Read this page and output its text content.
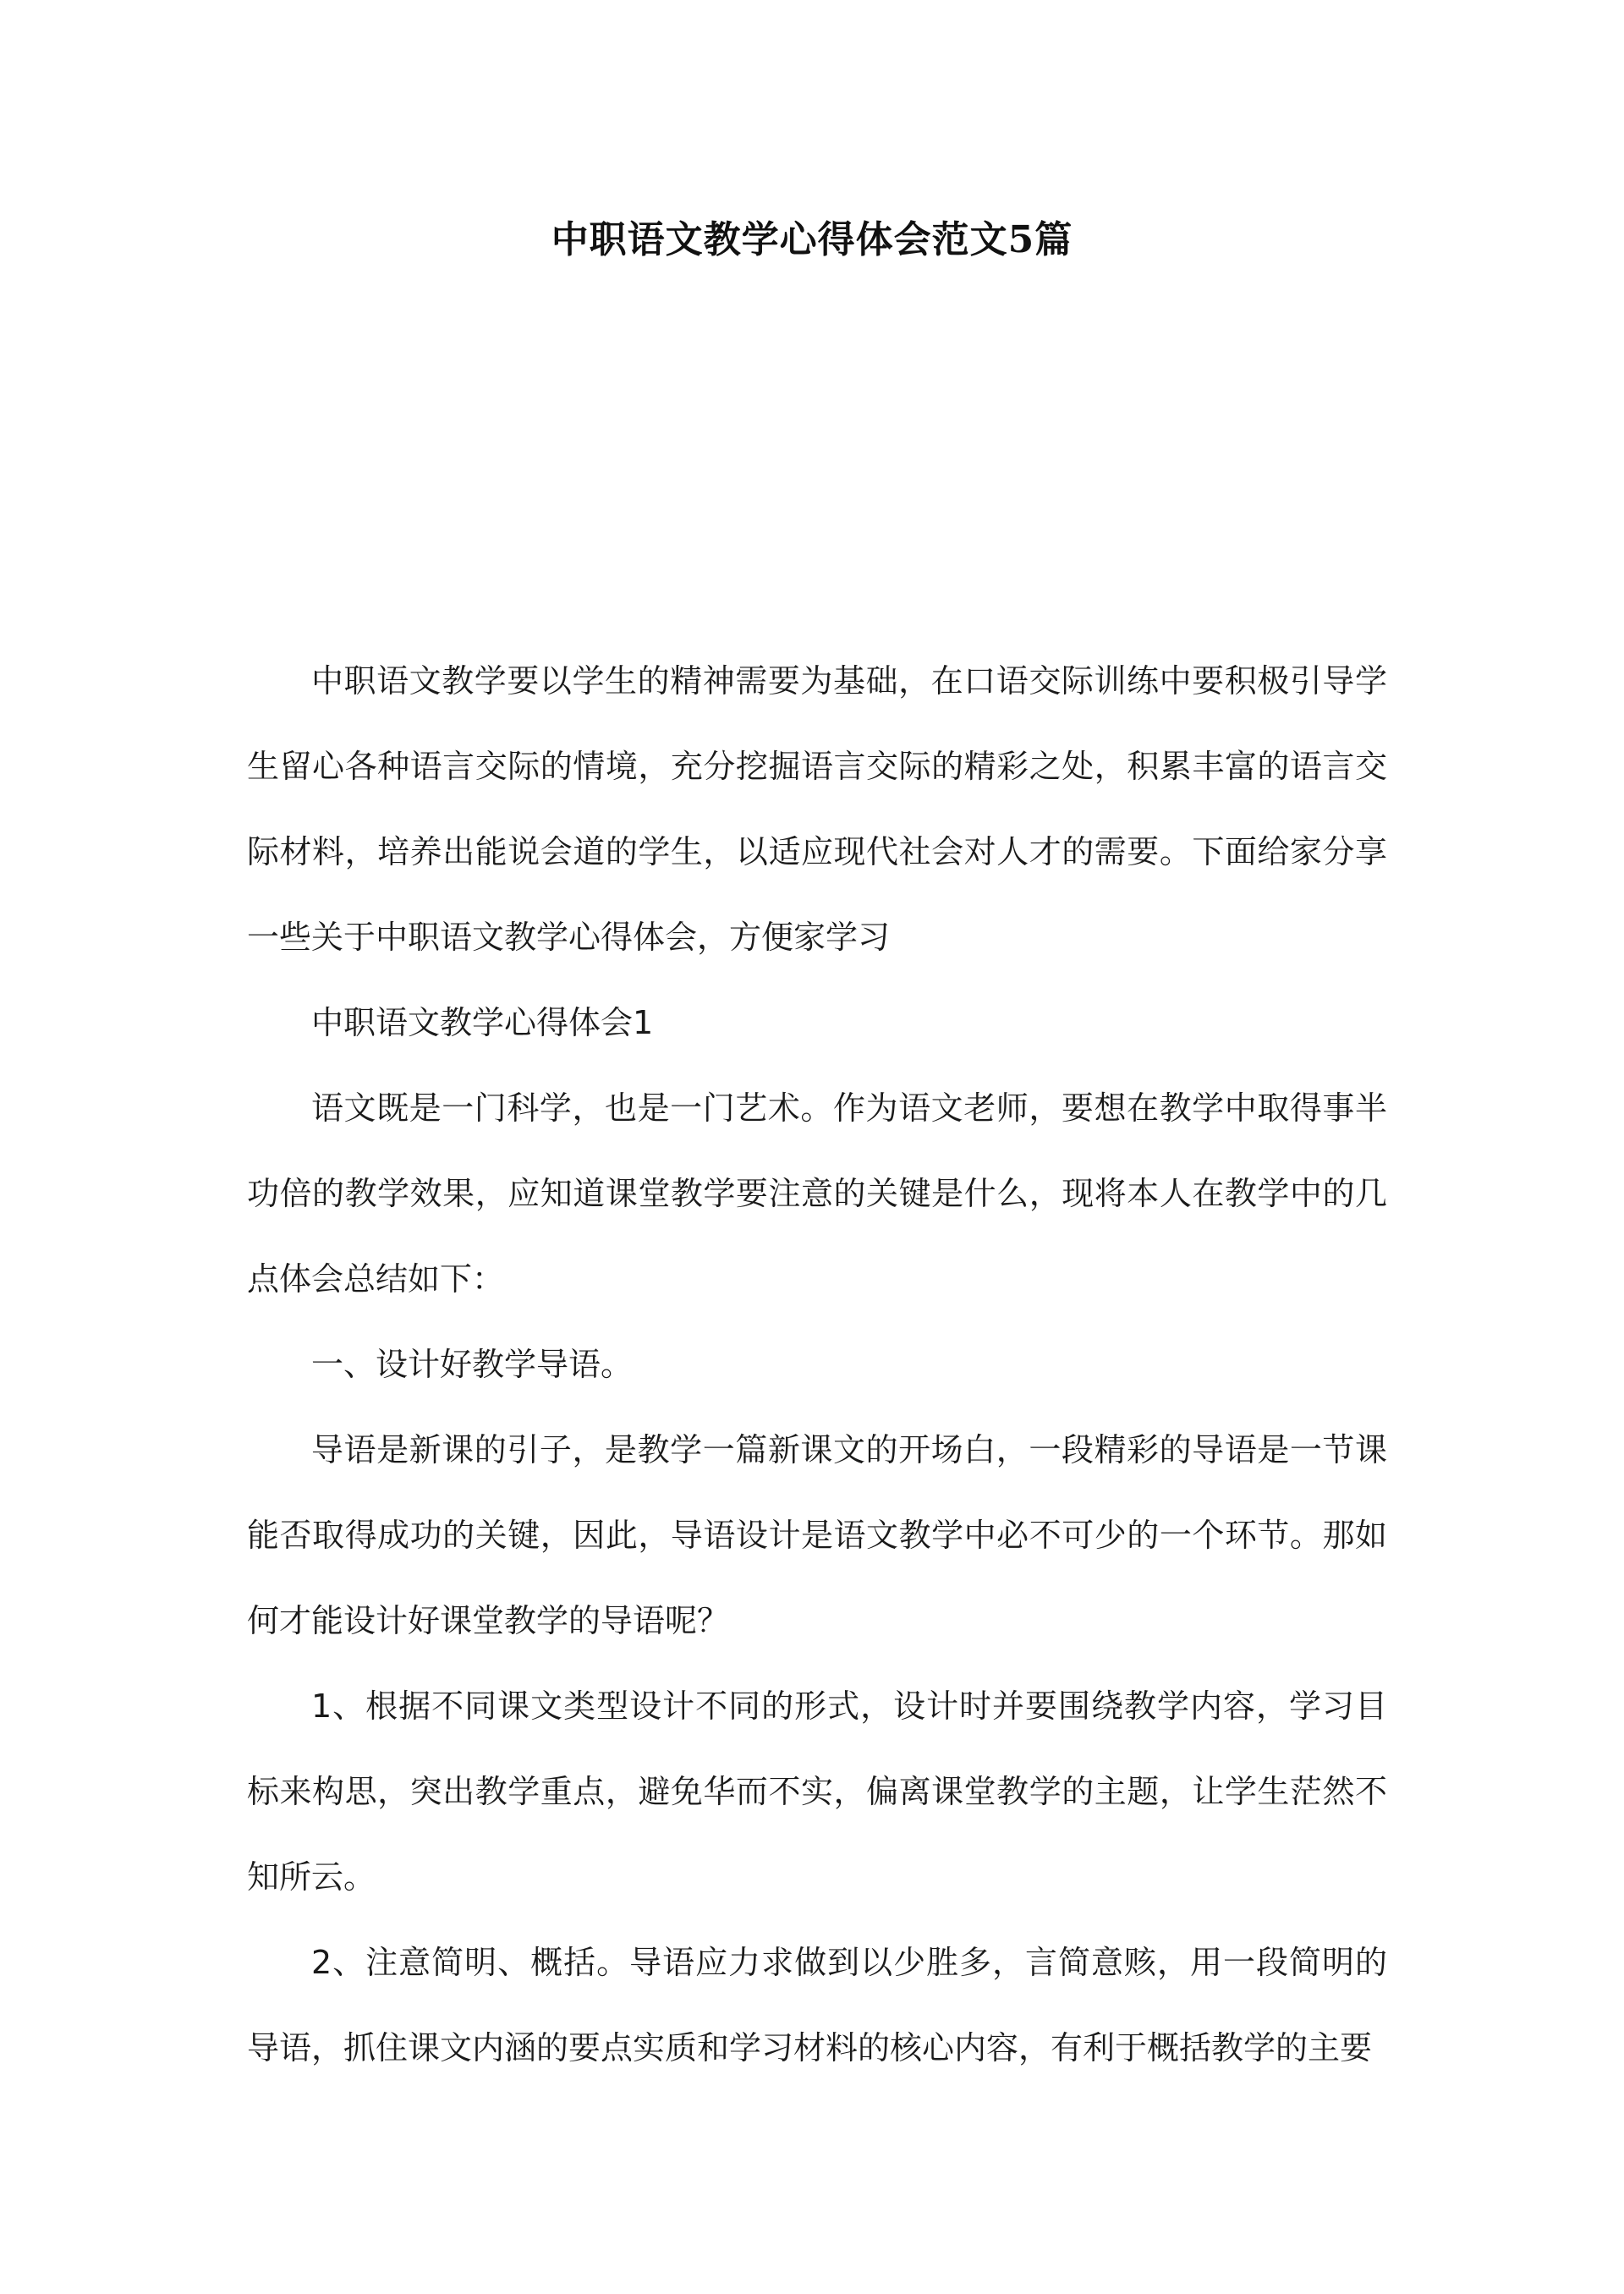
中职语文教学心得体会范文5篇

中职语文教学要以学生的精神需要为基础，在口语交际训练中要积极引导学生留心各种语言交际的情境，充分挖掘语言交际的精彩之处，积累丰富的语言交际材料，培养出能说会道的学生，以适应现代社会对人才的需要。下面给家分享一些关于中职语文教学心得体会，方便家学习

中职语文教学心得体会1

语文既是一门科学，也是一门艺术。作为语文老师，要想在教学中取得事半功倍的教学效果，应知道课堂教学要注意的关键是什么，现将本人在教学中的几点体会总结如下：

一、设计好教学导语。

导语是新课的引子，是教学一篇新课文的开场白，一段精彩的导语是一节课能否取得成功的关键，因此，导语设计是语文教学中必不可少的一个环节。那如何才能设计好课堂教学的导语呢？

1、根据不同课文类型设计不同的形式，设计时并要围绕教学内容，学习目标来构思，突出教学重点，避免华而不实，偏离课堂教学的主题，让学生茫然不知所云。

2、注意简明、概括。导语应力求做到以少胜多，言简意赅，用一段简明的导语，抓住课文内涵的要点实质和学习材料的核心内容，有利于概括教学的主要
